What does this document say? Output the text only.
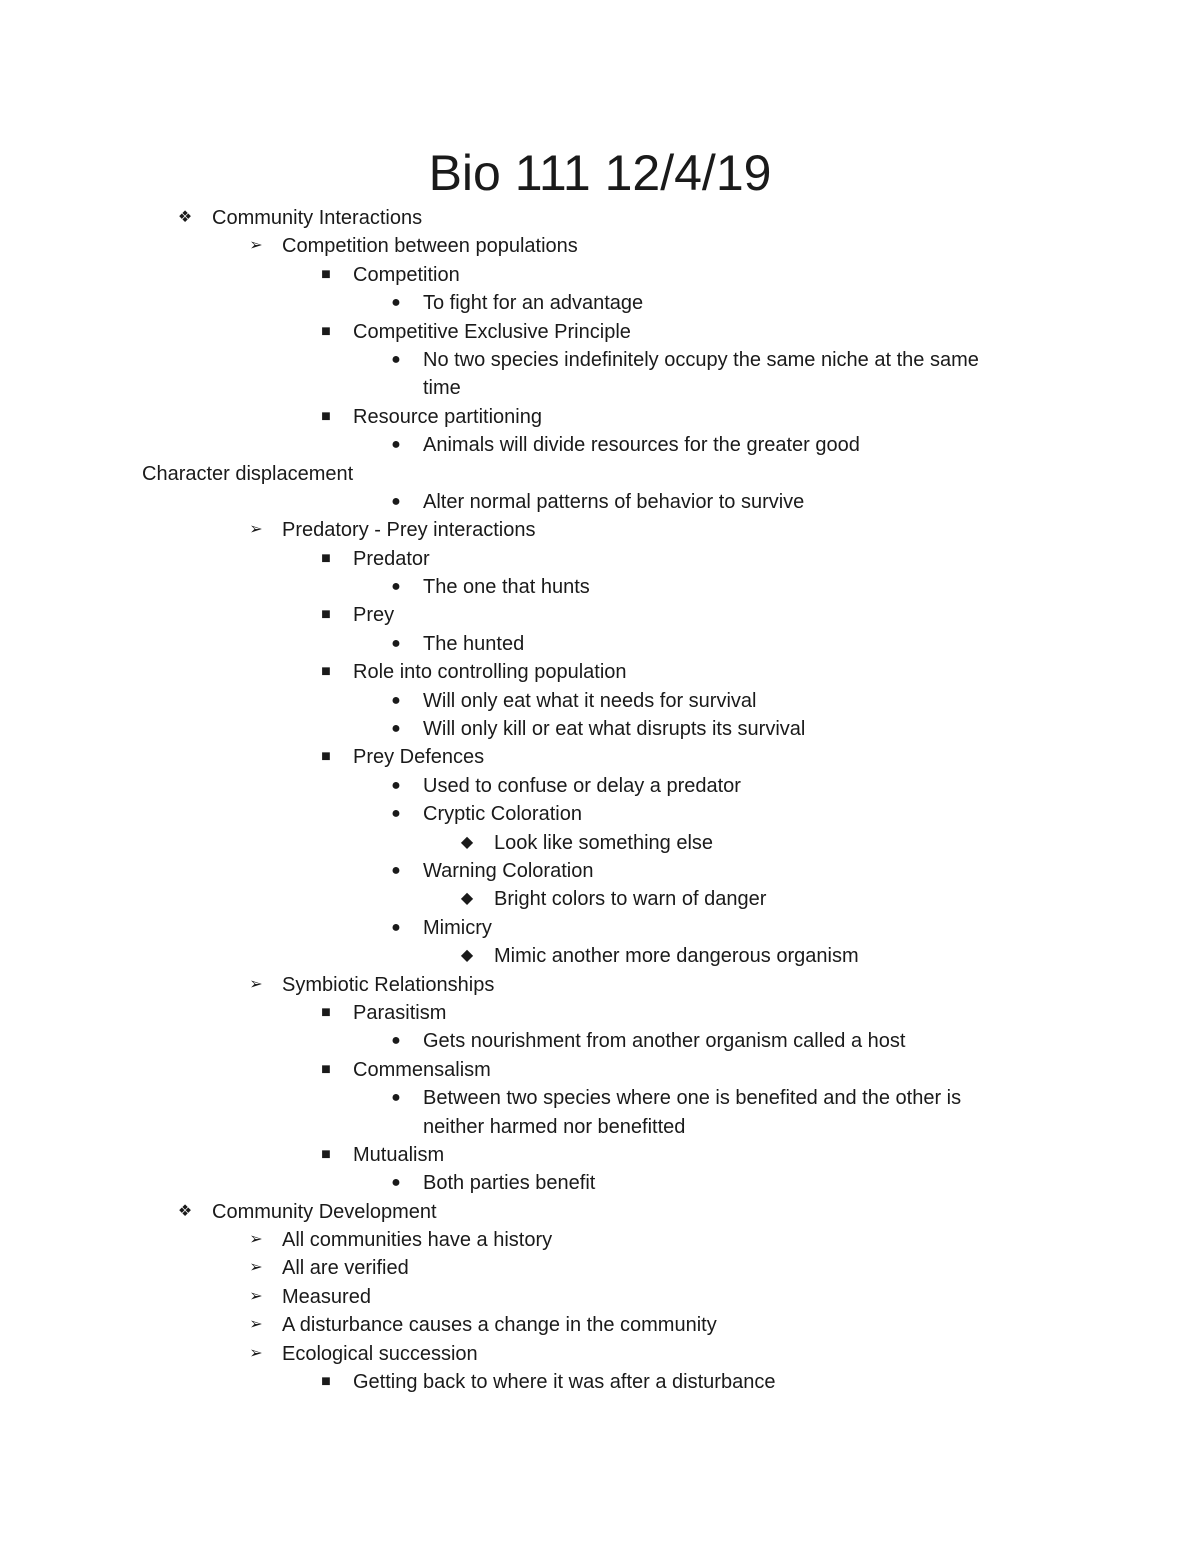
Bio 111 12/4/19
❖ Community Interactions
➢ Competition between populations
■	Competition
●	To fight for an advantage
■	Competitive Exclusive Principle
●	No two species indefinitely occupy the same niche at the same
time
■	Resource partitioning
●	Animals will divide resources for the greater good
Character displacement
●	Alter normal patterns of behavior to survive
➢ Predatory - Prey interactions
■	Predator
●	The one that hunts
■	Prey
●	The hunted
■	Role into controlling population
●	Will only eat what it needs for survival
●	Will only kill or eat what disrupts its survival
■	Prey Defences
●	Used to confuse or delay a predator
●	Cryptic Coloration
◆	Look like something else
●	Warning Coloration
◆	Bright colors to warn of danger
●	Mimicry
◆	Mimic another more dangerous organism
➢ Symbiotic Relationships
■	Parasitism
●	Gets nourishment from another organism called a host
■	Commensalism
●	Between two species where one is benefited and the other is
neither harmed nor benefitted
■	Mutualism
●	Both parties benefit
❖ Community Development
➢ All communities have a history
➢ All are verified
➢ Measured
➢ A disturbance causes a change in the community
➢ Ecological succession
■	Getting back to where it was after a disturbance
